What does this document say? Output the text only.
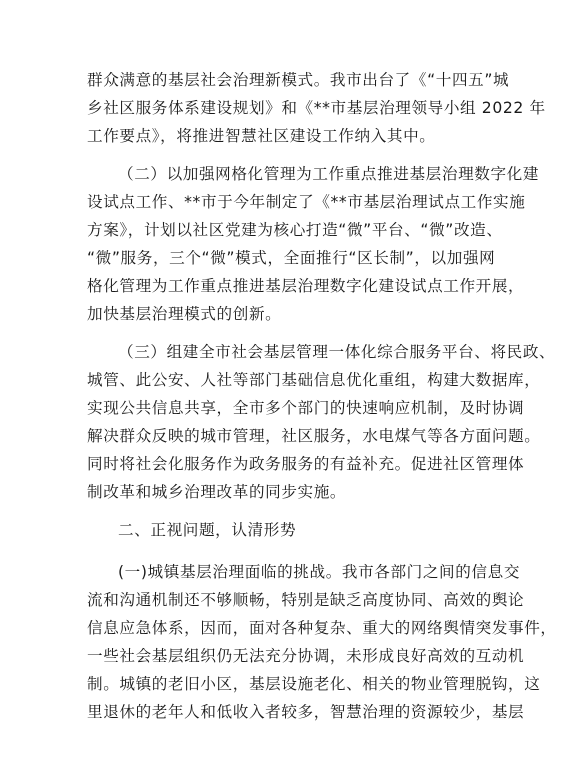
群众满意的基层社会治理新模式。我市出台了《“十四五”城
乡社区服务体系建设规划》和《**市基层治理领导小组 2022 年
工作要点》，将推进智慧社区建设工作纳入其中。

（二）以加强网格化管理为工作重点推进基层治理数字化建
设试点工作、**市于今年制定了《**市基层治理试点工作实施
方案》，计划以社区党建为核心打造“微”平台、“微”改造、
“微”服务，三个“微”模式，全面推行“区长制”，以加强网
格化管理为工作重点推进基层治理数字化建设试点工作开展，
加快基层治理模式的创新。

（三）组建全市社会基层管理一体化综合服务平台、将民政、
城管、此公安、人社等部门基础信息优化重组，构建大数据库，
实现公共信息共享，全市多个部门的快速响应机制，及时协调
解决群众反映的城市管理，社区服务，水电煤气等各方面问题。
同时将社会化服务作为政务服务的有益补充。促进社区管理体
制改革和城乡治理改革的同步实施。

二、正视问题，认清形势

(一)城镇基层治理面临的挑战。我市各部门之间的信息交
流和沟通机制还不够顺畅，特别是缺乏高度协同、高效的舆论
信息应急体系，因而，面对各种复杂、重大的网络舆情突发事件，
一些社会基层组织仍无法充分协调，未形成良好高效的互动机
制。城镇的老旧小区，基层设施老化、相关的物业管理脱钩，这
里退休的老年人和低收入者较多，智慧治理的资源较少，基层
